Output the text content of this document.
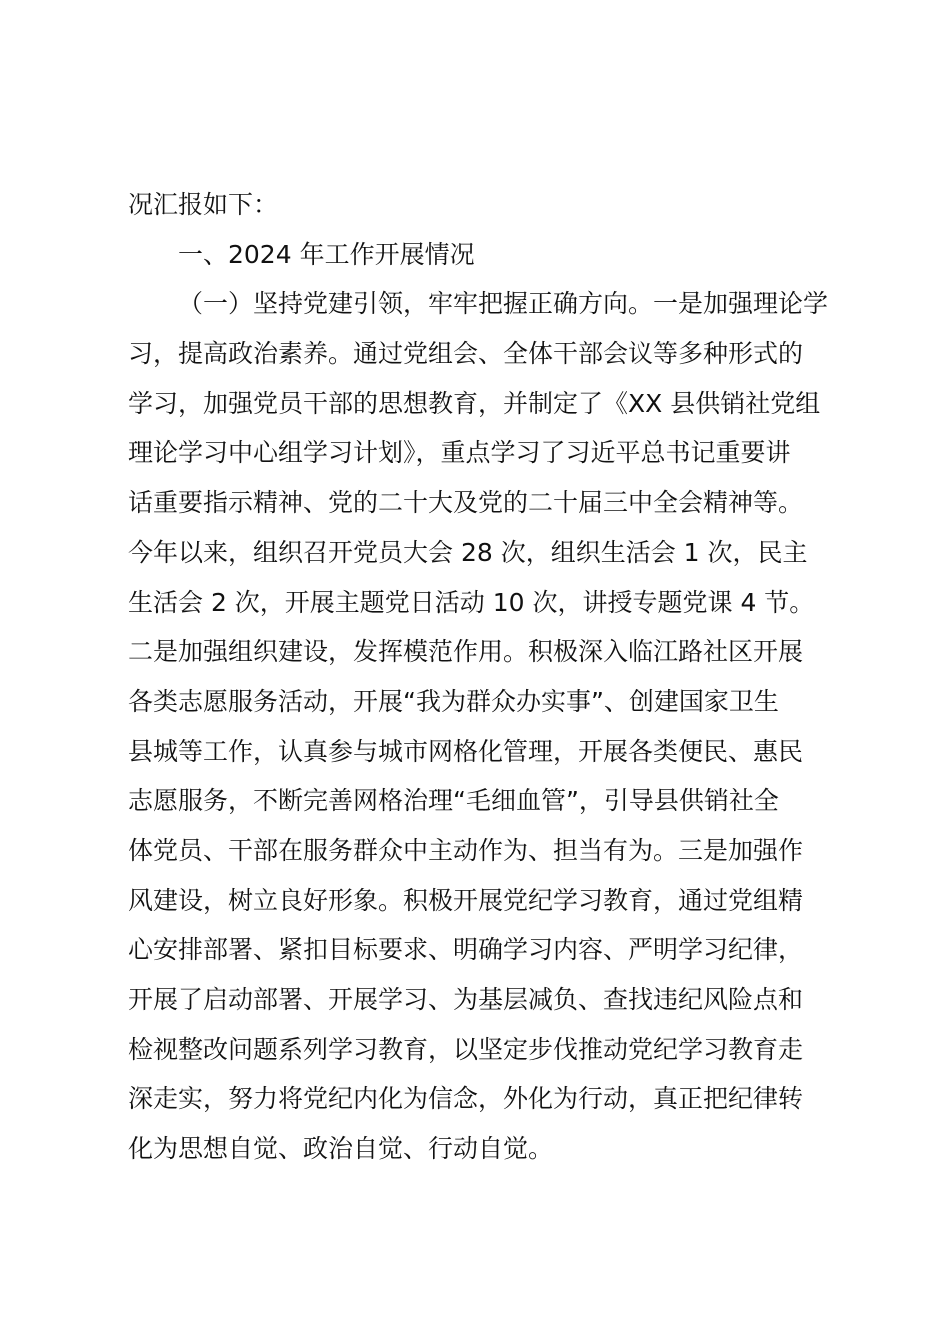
况汇报如下：
一、2024 年工作开展情况
（一）坚持党建引领，牢牢把握正确方向。一是加强理论学
习，提高政治素养。通过党组会、全体干部会议等多种形式的
学习，加强党员干部的思想教育，并制定了《XX 县供销社党组
理论学习中心组学习计划》，重点学习了习近平总书记重要讲
话重要指示精神、党的二十大及党的二十届三中全会精神等。
今年以来，组织召开党员大会 28 次，组织生活会 1 次，民主
生活会 2 次，开展主题党日活动 10 次，讲授专题党课 4 节。
二是加强组织建设，发挥模范作用。积极深入临江路社区开展
各类志愿服务活动，开展“我为群众办实事”、创建国家卫生
县城等工作，认真参与城市网格化管理，开展各类便民、惠民
志愿服务，不断完善网格治理“毛细血管”，引导县供销社全
体党员、干部在服务群众中主动作为、担当有为。三是加强作
风建设，树立良好形象。积极开展党纪学习教育，通过党组精
心安排部署、紧扣目标要求、明确学习内容、严明学习纪律，
开展了启动部署、开展学习、为基层减负、查找违纪风险点和
检视整改问题系列学习教育，以坚定步伐推动党纪学习教育走
深走实，努力将党纪内化为信念，外化为行动，真正把纪律转
化为思想自觉、政治自觉、行动自觉。
